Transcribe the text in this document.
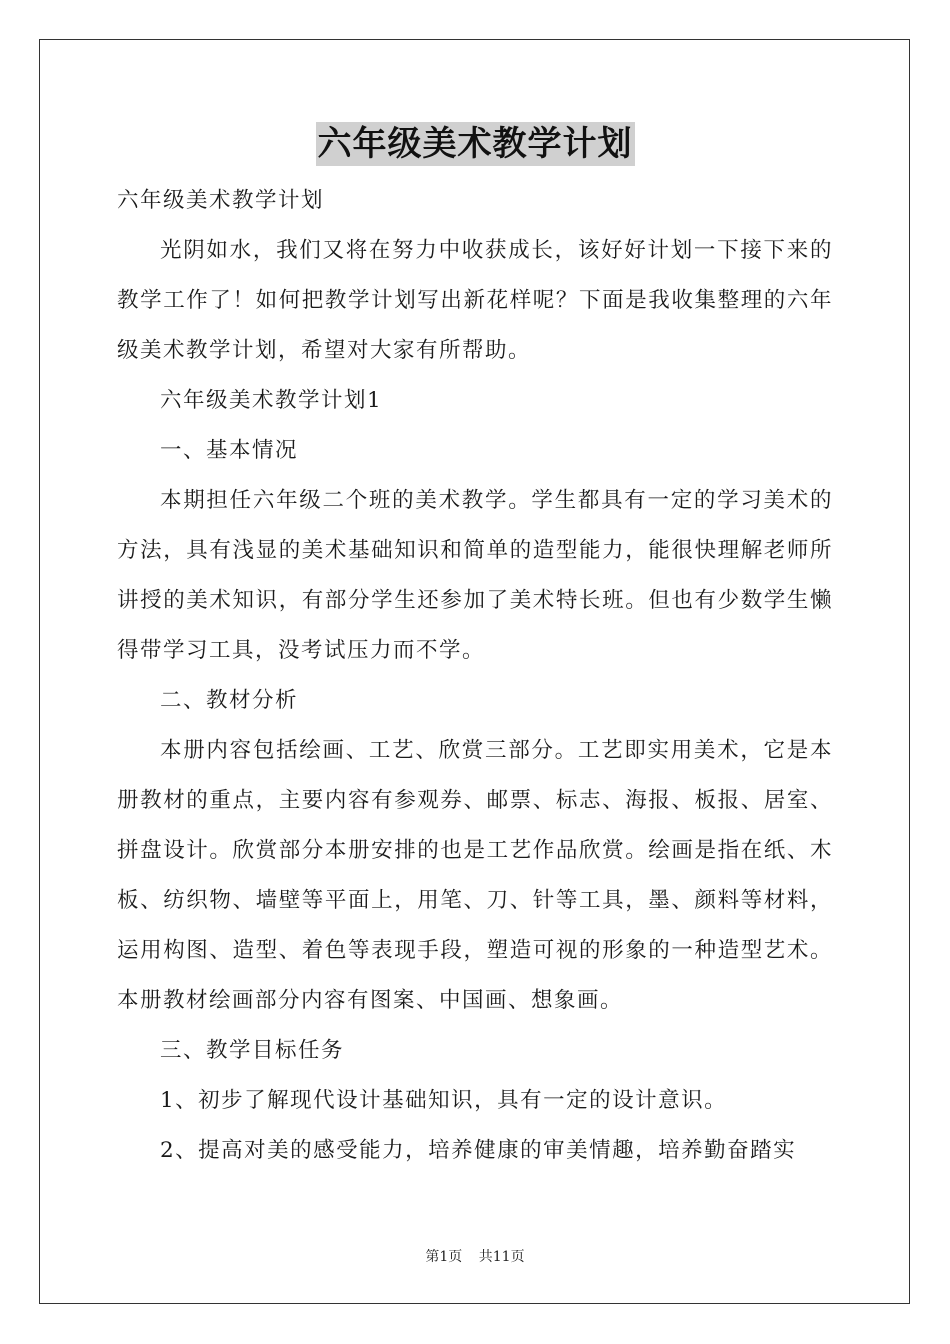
六年级美术教学计划

六年级美术教学计划

光阴如水，我们又将在努力中收获成长，该好好计划一下接下来的教学工作了！如何把教学计划写出新花样呢？下面是我收集整理的六年级美术教学计划，希望对大家有所帮助。

六年级美术教学计划1

一、基本情况

本期担任六年级二个班的美术教学。学生都具有一定的学习美术的方法，具有浅显的美术基础知识和简单的造型能力，能很快理解老师所讲授的美术知识，有部分学生还参加了美术特长班。但也有少数学生懒得带学习工具，没考试压力而不学。

二、教材分析

本册内容包括绘画、工艺、欣赏三部分。工艺即实用美术，它是本册教材的重点，主要内容有参观券、邮票、标志、海报、板报、居室、拼盘设计。欣赏部分本册安排的也是工艺作品欣赏。绘画是指在纸、木板、纺织物、墙壁等平面上，用笔、刀、针等工具，墨、颜料等材料，运用构图、造型、着色等表现手段，塑造可视的形象的一种造型艺术。本册教材绘画部分内容有图案、中国画、想象画。

三、教学目标任务

1、初步了解现代设计基础知识，具有一定的设计意识。

2、提高对美的感受能力，培养健康的审美情趣，培养勤奋踏实

第1页 共11页
